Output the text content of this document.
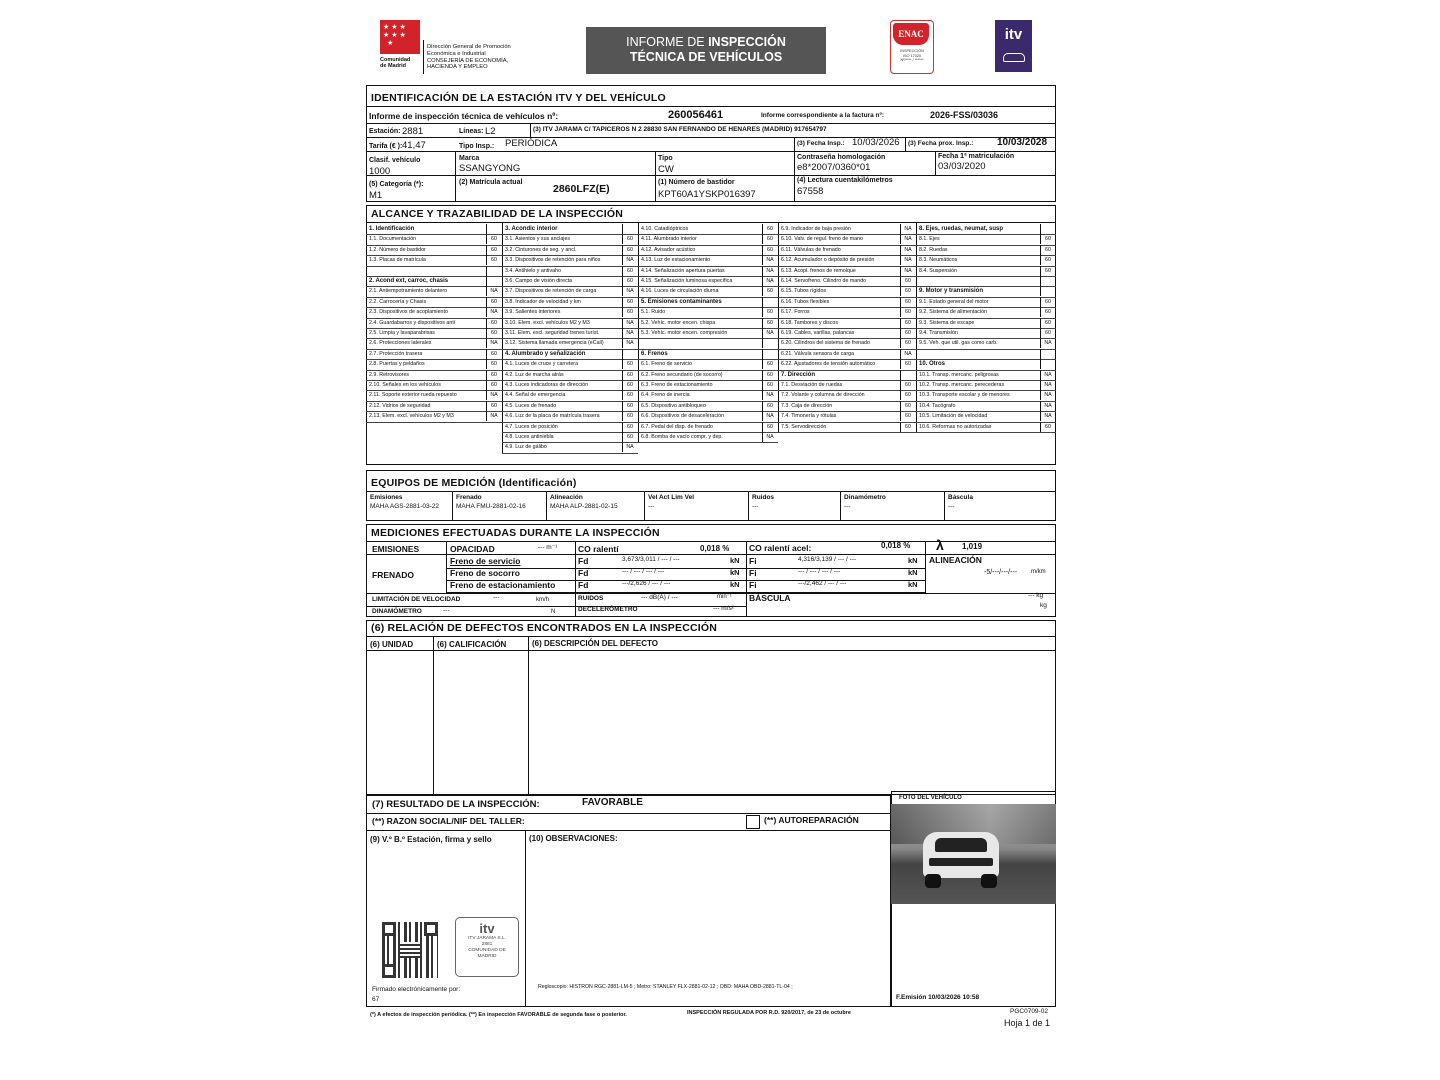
★★★
★★★
★
Comunidad
de Madrid
Dirección General de Promoción
Económica e Industrial
CONSEJERÍA DE ECONOMÍA,
HACIENDA Y EMPLEO
INFORME DE INSPECCIÓN
TÉCNICA DE VEHÍCULOS
ENAC
INSPECCIÓN
ISO 17020
Nº/**** / ******
itv
IDENTIFICACIÓN DE LA ESTACIÓN ITV Y DEL VEHÍCULO
Informe de inspección técnica de vehículos nº:	260056461	Informe correspondiente a la factura nº:	2026-FSS/03036
Estación: 2881	Líneas: L2	(3) ITV JARAMA C/ TAPICEROS N 2 28830 SAN FERNANDO DE HENARES (MADRID) 917654797
Tarifa (€ ): 41,47	Tipo Insp.: PERIÓDICA	(3) Fecha Insp.: 10/03/2026 (3) Fecha prox. Insp.: 10/03/2028
Clasif. vehículo
1000
Marca
SSANGYONG
Tipo
CW
Contraseña homologación
e8*2007/0360*01
Fecha 1ª matriculación
03/03/2020
(5) Categoría (*):
M1
(2) Matrícula actual
2860LFZ(E)
(1) Número de bastidor
KPT60A1YSKP016397
(4) Lectura cuentakilómetros
67558
ALCANCE Y TRAZABILIDAD DE LA INSPECCIÓN
1. Identificación
1.1. Documentación	60
1.2. Número de bastidor	60
1.3. Placas de matrícula	60
2. Acond ext, carroc, chasis
2.1. Antiempotramiento delantero	NA
2.2. Carrocería y Chasis	60
2.3. Dispositivos de acoplamiento	NA
2.4. Guardabarros y dispositivos anti	60
2.5. Limpia y lavaparabrisas	60
2.6. Protecciones laterales	NA
2.7. Protección trasera	60
2.8. Puertas y peldaños	60
2.9. Retrovisores	60
2.10. Señales en los vehículos	60
2.11. Soporte exterior rueda repuesto	NA
2.12. Vidrios de seguridad	60
2.13. Elem. excl. vehículos M2 y M3	NA
3. Acondic interior
3.1. Asientos y sus anclajes	60
3.2. Cinturones de seg. y ancl.	60
3.3. Dispositivos de retención para niños	NA
3.4. Antihielo y antivaho	60
3.6. Campo de visión directa	60
3.7. Dispositivos de retención de carga	NA
3.8. Indicador de velocidad y km	60
3.9. Salientes interiores	60
3.10. Elem. excl. vehículos M2 y M3	NA
3.11. Elem. excl. seguridad trenes turíst.	NA
3.12. Sistema llamada emergencia (eCall)	NA
4. Alumbrado y señalización
4.1. Luces de cruce y carretera	60
4.2. Luz de marcha atrás	60
4.3. Luces indicadoras de dirección	60
4.4. Señal de emergencia	60
4.5. Luces de frenado	60
4.6. Luz de la placa de matrícula trasera	60
4.7. Luces de posición	60
4.8. Luces antiniebla	60
4.9. Luz de gálibo	NA
4.10. Catadióptricos	60
4.11. Alumbrado interior	60
4.12. Avisador acústico	60
4.13. Luz de estacionamiento	NA
4.14. Señalización apertura puertas	NA
4.15. Señalización luminosa específica	NA
4.16. Luces de circulación diurna	60
5. Emisiones contaminantes
5.1. Ruido	60
5.2. Vehíc. motor encen. chispa	60
5.3. Vehíc. motor encen. compresión	NA
6. Frenos
6.1. Freno de servicio	60
6.2. Freno secundario (de socorro)	60
6.3. Freno de estacionamiento	60
6.4. Freno de inercia	NA
6.5. Dispositivo antibloqueo	60
6.6. Dispositivos de desaceleración	NA
6.7. Pedal del disp. de frenado	60
6.8. Bomba de vacío compr. y dep.	NA
6.9. Indicador de baja presión	NA
6.10. Valv. de regul. freno de mano	NA
6.11. Válvulas de frenado	NA
6.12. Acumulador o depósito de presión	NA
6.13. Acopl. frenos de remolque	NA
6.14. Servofreno. Cilindro de mando	60
6.15. Tubos rígidos	60
6.16. Tubos flexibles	60
6.17. Forros	60
6.18. Tambores y discos	60
6.19. Cables, varillas, palancas	60
6.20. Cilindros del sistema de frenado	60
6.21. Válvula sensora de carga	NA
6.22. Ajustadores de tensión automático	60
7. Dirección
7.1. Desviación de ruedas	60
7.2. Volante y columna de dirección	60
7.3. Caja de dirección	60
7.4. Timonería y rótulas	60
7.5. Servodirección	60
8. Ejes, ruedas, neumat, susp
8.1. Ejes	60
8.2. Ruedas	60
8.3. Neumáticos	60
8.4. Suspensión	60
9. Motor y transmisión
9.1. Estado general del motor	60
9.2. Sistema de alimentación	60
9.3. Sistema de escape	60
9.4. Transmisión	60
9.5. Veh. que util. gas como carb.	NA
10. Otros
10.1. Transp. mercanc. peligrosas	NA
10.2. Transp. mercanc. perecederas	NA
10.3. Transporte escolar y de menores	NA
10.4. Tacógrafo	NA
10.5. Limitación de velocidad	NA
10.6. Reformas no autorizadas	60
EQUIPOS DE MEDICIÓN (Identificación)
Emisiones
MAHA AGS-2881-03-22
Frenado
MAHA FMU-2881-02-16
Alineación
MAHA ALP-2881-02-15
Vel Act Lim Vel
---
Ruidos
---
Dinamómetro
---
Báscula
---
MEDICIONES EFECTUADAS DURANTE LA INSPECCIÓN
EMISIONES	OPACIDAD	--- m⁻¹ CO ralentí	0,018 % CO ralentí acel:	0,018 % λ 1,019
FRENADO
Freno de servicio	Fd	3,673/3,011 / --- / ---	kN Fi	4,316/3,139 / --- / ---	kN
Freno de socorro	Fd	--- / --- / --- / ---	kN Fi	--- / --- / --- / ---	kN
Freno de estacionamiento	Fd	---/2,626 / --- / ---	kN Fi	---/2,462 / --- / ---	kN
ALINEACIÓN
-5/---/---/--- m/km
LIMITACIÓN DE VELOCIDAD	---	km/h	RUIDOS	--- dB(A) / ---	min⁻¹ BÁSCULA	--- kg
kg
DINAMÓMETRO	---	N	DECELERÓMETRO	--- m/s²
(6) RELACIÓN DE DEFECTOS ENCONTRADOS EN LA INSPECCIÓN
(6) UNIDAD	(6) CALIFICACIÓN	(6) DESCRIPCIÓN DEL DEFECTO
(7) RESULTADO DE LA INSPECCIÓN:	FAVORABLE
(**) RAZON SOCIAL/NIF DEL TALLER:	(**) AUTOREPARACIÓN
(9) V.º B.º Estación, firma y sello	(10) OBSERVACIONES:
itv
ITV JARAMA S.L.
2881
COMUNIDAD DE
MADRID
Firmado electrónicamente por:
67
Regloscopio: HISTRON RGC-2881-LM-5 ; Metro: STANLEY FLX-2881-02-12 ; OBD: MAHA OBD-2881-TL-04 ;
FOTO DEL VEHÍCULO
F.Emisión 10/03/2026 10:58
(*) A efectos de inspección periódica. (**) En inspección FAVORABLE de segunda fase o posterior.	INSPECCIÓN REGULADA POR R.D. 920/2017, de 23 de octubre	PGC0709-02
Hoja 1 de 1
